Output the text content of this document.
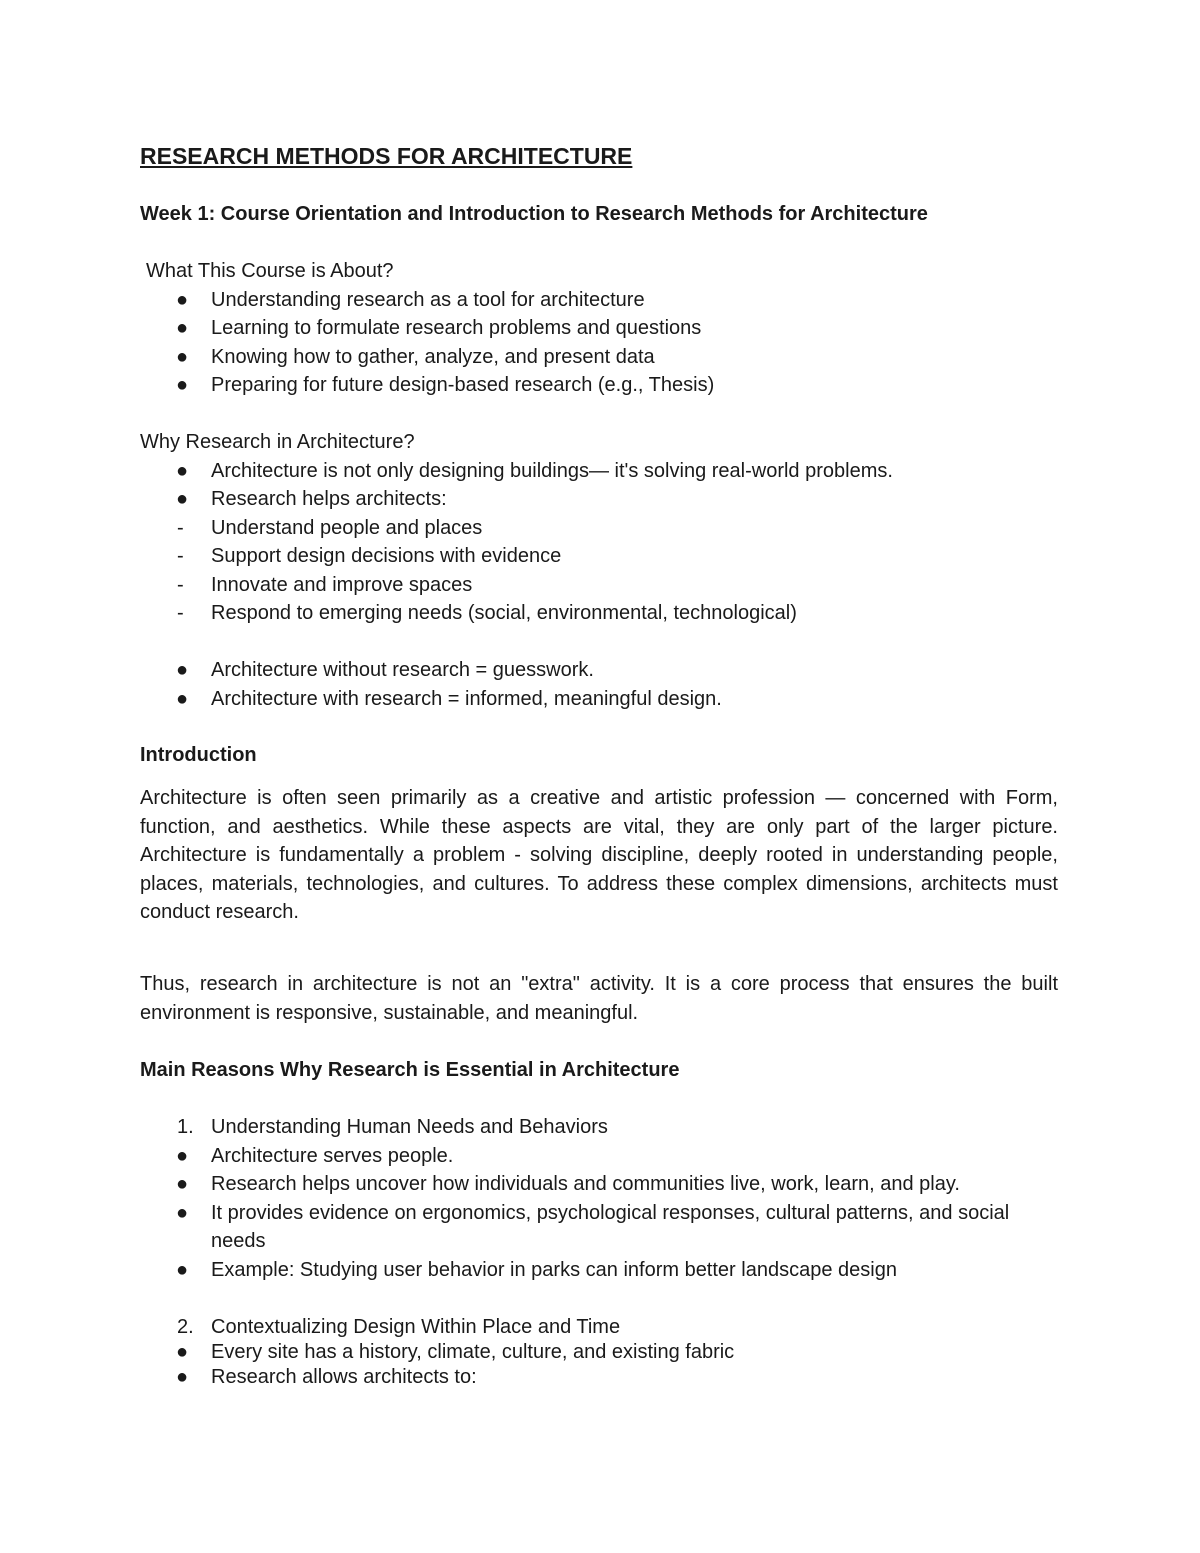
RESEARCH METHODS FOR ARCHITECTURE
Week 1: Course Orientation and Introduction to Research Methods for Architecture
What This Course is About?
● Understanding research as a tool for architecture
● Learning to formulate research problems and questions
● Knowing how to gather, analyze, and present data
● Preparing for future design-based research (e.g., Thesis)
Why Research in Architecture?
● Architecture is not only designing buildings— it's solving real-world problems.
● Research helps architects:
- Understand people and places
- Support design decisions with evidence
- Innovate and improve spaces
- Respond to emerging needs (social, environmental, technological)
● Architecture without research = guesswork.
● Architecture with research = informed, meaningful design.
Introduction

Architecture is often seen primarily as a creative and artistic profession — concerned with Form, function, and aesthetics. While these aspects are vital, they are only part of the larger picture. Architecture is fundamentally a problem - solving discipline, deeply rooted in understanding people, places, materials, technologies, and cultures. To address these complex dimensions, architects must conduct research.

Thus, research in architecture is not an "extra" activity. It is a core process that ensures the built environment is responsive, sustainable, and meaningful.

Main Reasons Why Research is Essential in Architecture
1. Understanding Human Needs and Behaviors
● Architecture serves people.
● Research helps uncover how individuals and communities live, work, learn, and play.
● It provides evidence on ergonomics, psychological responses, cultural patterns, and social needs
● Example: Studying user behavior in parks can inform better landscape design
2. Contextualizing Design Within Place and Time
● Every site has a history, climate, culture, and existing fabric
● Research allows architects to:
